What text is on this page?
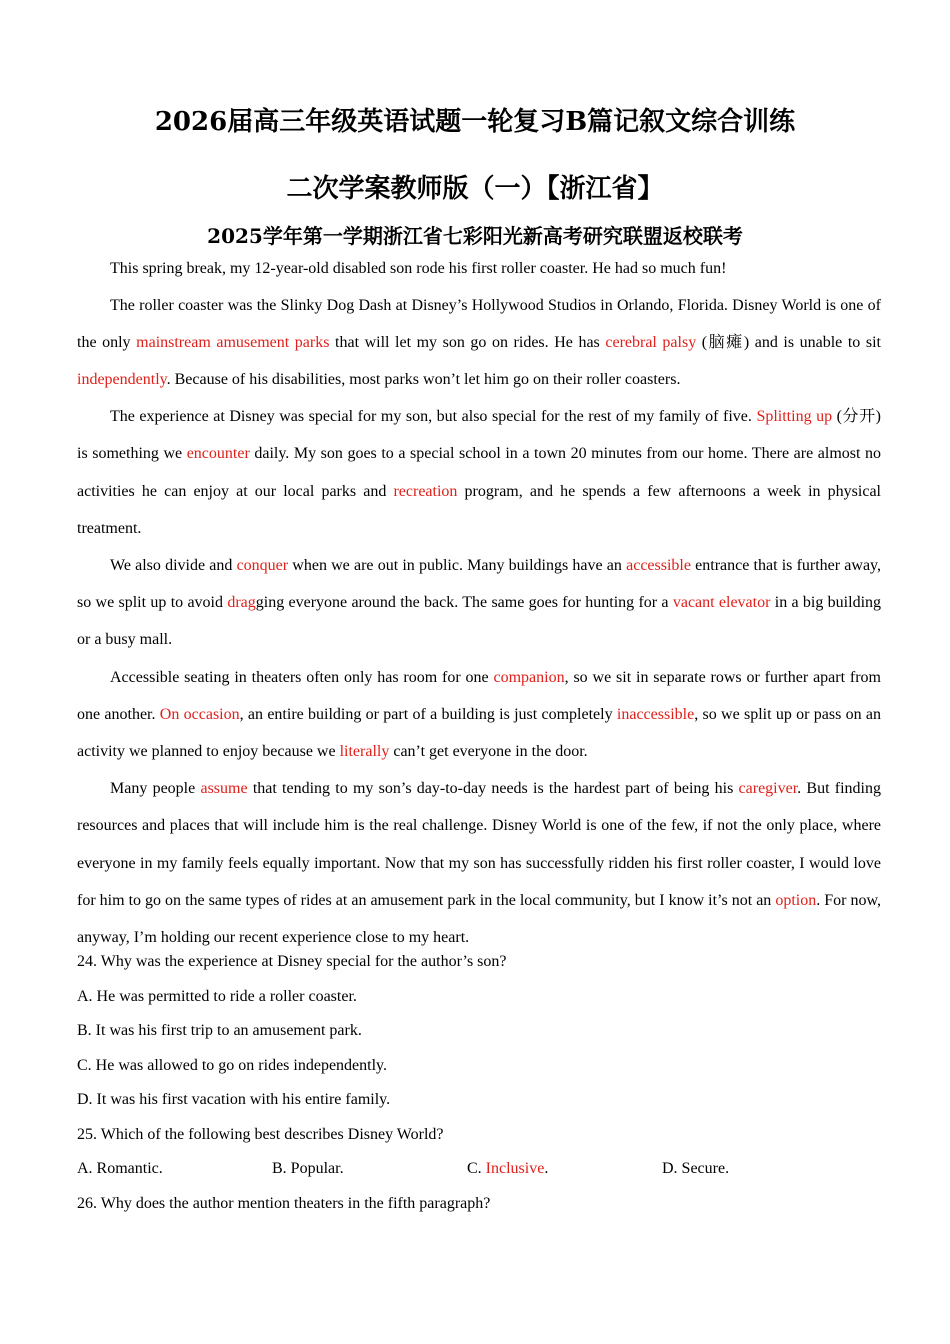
2026届高三年级英语试题一轮复习B篇记叙文综合训练
二次学案教师版（一）【浙江省】
2025学年第一学期浙江省七彩阳光新高考研究联盟返校联考

This spring break, my 12-year-old disabled son rode his first roller coaster. He had so much fun!

The roller coaster was the Slinky Dog Dash at Disney’s Hollywood Studios in Orlando, Florida. Disney World is one of the only mainstream amusement parks that will let my son go on rides. He has cerebral palsy (脑瘫) and is unable to sit independently. Because of his disabilities, most parks won’t let him go on their roller coasters.

The experience at Disney was special for my son, but also special for the rest of my family of five. Splitting up (分开) is something we encounter daily. My son goes to a special school in a town 20 minutes from our home. There are almost no activities he can enjoy at our local parks and recreation program, and he spends a few afternoons a week in physical treatment.

We also divide and conquer when we are out in public. Many buildings have an accessible entrance that is further away, so we split up to avoid dragging everyone around the back. The same goes for hunting for a vacant elevator in a big building or a busy mall.

Accessible seating in theaters often only has room for one companion, so we sit in separate rows or further apart from one another. On occasion, an entire building or part of a building is just completely inaccessible, so we split up or pass on an activity we planned to enjoy because we literally can’t get everyone in the door.

Many people assume that tending to my son’s day-to-day needs is the hardest part of being his caregiver. But finding resources and places that will include him is the real challenge. Disney World is one of the few, if not the only place, where everyone in my family feels equally important. Now that my son has successfully ridden his first roller coaster, I would love for him to go on the same types of rides at an amusement park in the local community, but I know it’s not an option. For now, anyway, I’m holding our recent experience close to my heart.

24. Why was the experience at Disney special for the author’s son?

A. He was permitted to ride a roller coaster.

B. It was his first trip to an amusement park.

C. He was allowed to go on rides independently.

D. It was his first vacation with his entire family.

25. Which of the following best describes Disney World?

A. Romantic.	B. Popular.	C. Inclusive.	D. Secure.

26. Why does the author mention theaters in the fifth paragraph?
